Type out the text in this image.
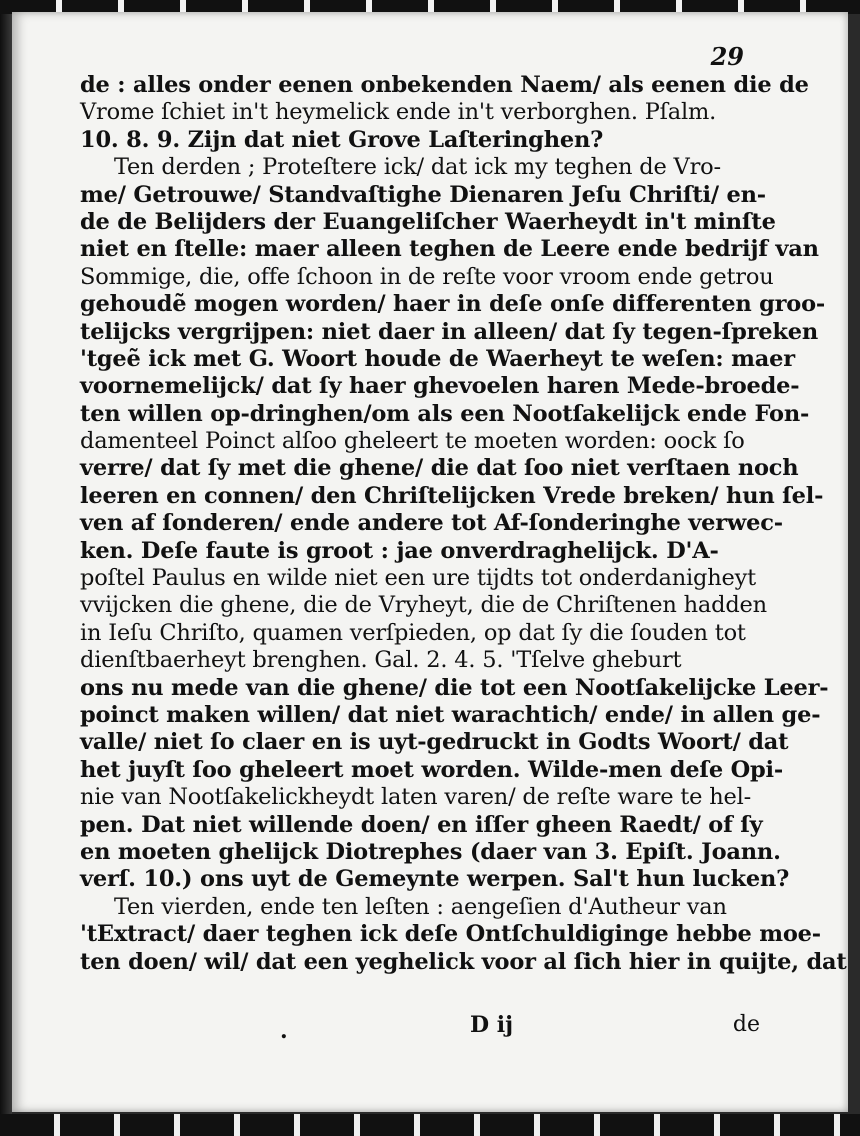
29
de : alles onder eenen onbekenden Naem/ als eenen die de
Vrome ſchiet in't heymelick ende in't verborghen. Pſalm.
10. 8. 9. Zijn dat niet Grove Laſteringhen?
Ten derden ; Proteſtere ick/ dat ick my teghen de Vro-
me/ Getrouwe/ Standvaſtighe Dienaren Jeſu Chriſti/ en-
de de Belijders der Euangeliſcher Waerheydt in't minſte
niet en ſtelle: maer alleen teghen de Leere ende bedrijf van
Sommige, die, offe ſchoon in de reſte voor vroom ende getrou
gehoudẽ mogen worden/ haer in deſe onſe differenten groo-
telijcks vergrijpen: niet daer in alleen/ dat ſy tegen-ſpreken
'tgeẽ ick met G. Woort houde de Waerheyt te weſen: maer
voornemelijck/ dat ſy haer ghevoelen haren Mede-broede-
ten willen op-dringhen/om als een Nootſakelijck ende Fon-
damenteel Poinct alſoo gheleert te moeten worden: oock ſo
verre/ dat ſy met die ghene/ die dat ſoo niet verſtaen noch
leeren en connen/ den Chriſtelijcken Vrede breken/ hun ſel-
ven af ſonderen/ ende andere tot Af-ſonderinghe verwec-
ken. Deſe faute is groot : jae onverdraghelijck. D'A-
poſtel Paulus en wilde niet een ure tijdts tot onderdanigheyt
vvijcken die ghene, die de Vryheyt, die de Chriſtenen hadden
in Ieſu Chriſto, quamen verſpieden, op dat ſy die ſouden tot
dienſtbaerheyt brenghen. Gal. 2. 4. 5. 'Tſelve gheburt
ons nu mede van die ghene/ die tot een Nootſakelijcke Leer-
poinct maken willen/ dat niet warachtich/ ende/ in allen ge-
valle/ niet ſo claer en is uyt-gedruckt in Godts Woort/ dat
het juyſt ſoo gheleert moet worden. Wilde-men deſe Opi-
nie van Nootſakelickheydt laten varen/ de reſte ware te hel-
pen. Dat niet willende doen/ en iſſer gheen Raedt/ of ſy
en moeten ghelijck Diotrephes (daer van 3. Epiſt. Joann.
verſ. 10.) ons uyt de Gemeynte werpen. Sal't hun lucken?
Ten vierden, ende ten leſten : aengeſien d'Autheur van
'tExtract/ daer teghen ick deſe Ontſchuldiginge hebbe moe-
ten doen/ wil/ dat een yeghelick voor al ſich hier in quijte, dat
.	D ij	de
